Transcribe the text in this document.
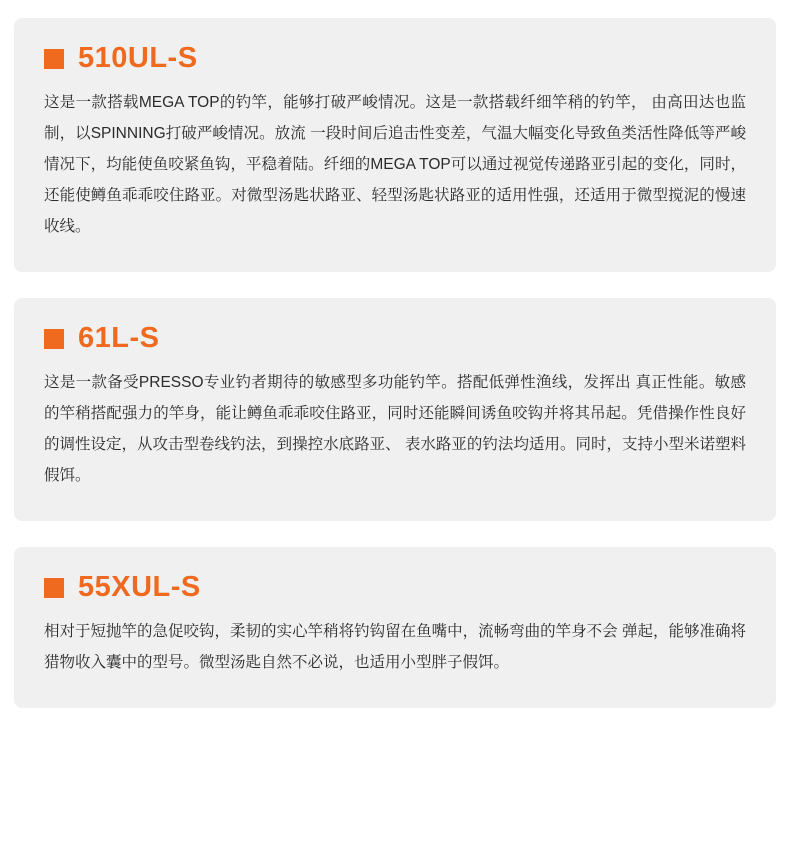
510UL-S
这是一款搭载MEGA TOP的钓竿，能够打破严峻情况。这是一款搭载纤细竿稍的钓竿， 由高田达也监制，以SPINNING打破严峻情况。放流 一段时间后追击性变差，气温大幅变化导致鱼类活性降低等严峻情况下，均能使鱼咬紧鱼钩，平稳着陆。纤细的MEGA TOP可以通过视觉传递路亚引起的变化，同时，还能使鳟鱼乖乖咬住路亚。对微型汤匙状路亚、轻型汤匙状路亚的适用性强，还适用于微型搅泥的慢速收线。
61L-S
这是一款备受PRESSO专业钓者期待的敏感型多功能钓竿。搭配低弹性渔线，发挥出 真正性能。敏感的竿稍搭配强力的竿身，能让鳟鱼乖乖咬住路亚，同时还能瞬间诱鱼咬钩并将其吊起。凭借操作性良好的调性设定，从攻击型卷线钓法，到操控水底路亚、 表水路亚的钓法均适用。同时，支持小型米诺塑料假饵。
55XUL-S
相对于短抛竿的急促咬钩，柔韧的实心竿稍将钓钩留在鱼嘴中，流畅弯曲的竿身不会 弹起，能够准确将猎物收入囊中的型号。微型汤匙自然不必说，也适用小型胖子假饵。
